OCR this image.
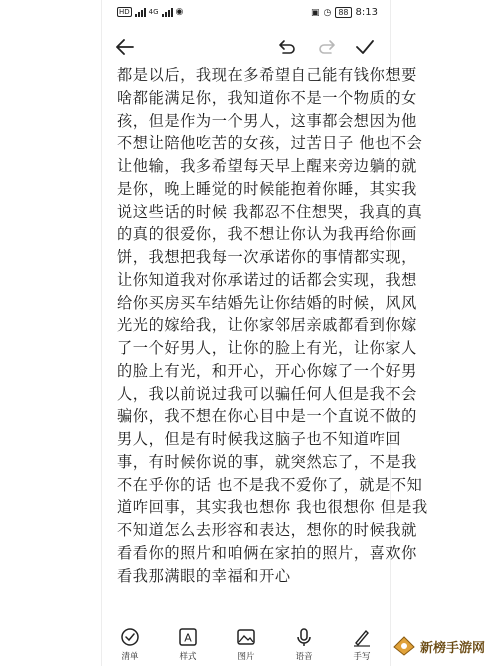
HD	4G ◉	▣ ◷ 88 8:13
都是以后，我现在多希望自己能有钱你想要
啥都能满足你，我知道你不是一个物质的女
孩，但是作为一个男人，这事都会想因为他
不想让陪他吃苦的女孩，过苦日子 他也不会
让他输，我多希望每天早上醒来旁边躺的就
是你，晚上睡觉的时候能抱着你睡，其实我
说这些话的时候 我都忍不住想哭，我真的真
的真的很爱你，我不想让你认为我再给你画
饼，我想把我每一次承诺你的事情都实现，
让你知道我对你承诺过的话都会实现，我想
给你买房买车结婚先让你结婚的时候，风风
光光的嫁给我，让你家邻居亲戚都看到你嫁
了一个好男人，让你的脸上有光，让你家人
的脸上有光，和开心，开心你嫁了一个好男
人，我以前说过我可以骗任何人但是我不会
骗你，我不想在你心目中是一个直说不做的
男人，但是有时候我这脑子也不知道咋回
事，有时候你说的事，就突然忘了，不是我
不在乎你的话 也不是我不爱你了，就是不知
道咋回事，其实我也想你 我也很想你 但是我
不知道怎么去形容和表达，想你的时候我就
看看你的照片和咱俩在家拍的照片，喜欢你
看我那满眼的幸福和开心
清单
A
样式	图片	语音	手写
新榜手游网
